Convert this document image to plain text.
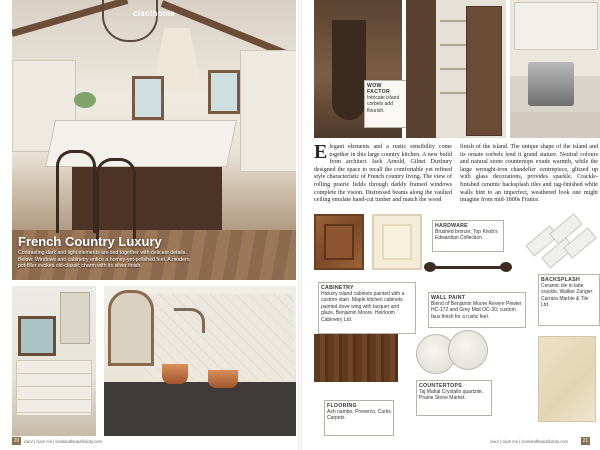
ciao!home
French Country Luxury
Contrasting dark and light elements are tied together with delicate details. Below: Windows and cabinetry entice a homey-yet-polished feel. A modern pot-filler evokes old-classic charm with its silver finish.
20	ciao! | ciao! mo | lovelandbeautifulcity.com
WOW FACTOR
Intricate island corbels add flourish.
Elegant elements and a rustic sensibility come together in this large country kitchen. A new build from architect Jack Arnold, Gilnet Duxbury designed the space to recall the comfortable yet refined style characteristic of French country living. The view of rolling prairie fields through darkly framed windows complete the vision. Distressed beams along the vaulted ceiling emulate hand-cut timber and match the wood
finish of the island. The unique shape of the island and its ornate corbels lend it grand stature. Neutral colours and natural stone countertops exude warmth, while the large wrought-iron chandelier centrepiece, glitzed up with glass decorations, provides sparkle. Crackle-finished ceramic backsplash tiles and rag-finished white walls hint to an imperfect, weathered look one might imagine from mid-1800s France.
HARDWARE
Brushed bronze, Top Knob's Edwardian Collection.
CABINETRY
Hickory island cabinets painted with a custom stain. Maple kitchen cabinets painted dove wing with lacquer and glaze, Benjamin Moore. Heirloom Cabinetry Ltd.
WALL PAINT
Blend of Benjamin Moore Revere Pewter HC-172 and Grey Mist OC-30, custom faux finish for a rustic feel.
BACKSPLASH
Ceramic tile in latte crackle, Walker Zanger. Carrara Marble & Tile Ltd.
FLOORING
Ash nambo, Preverco, Curtis Carpets.
COUNTERTOPS
Taj Mahal Crystallo quartzite, Prairie Stone Market.
ciao! | ciao! mo | lovelandbeautifulcity.com	21
